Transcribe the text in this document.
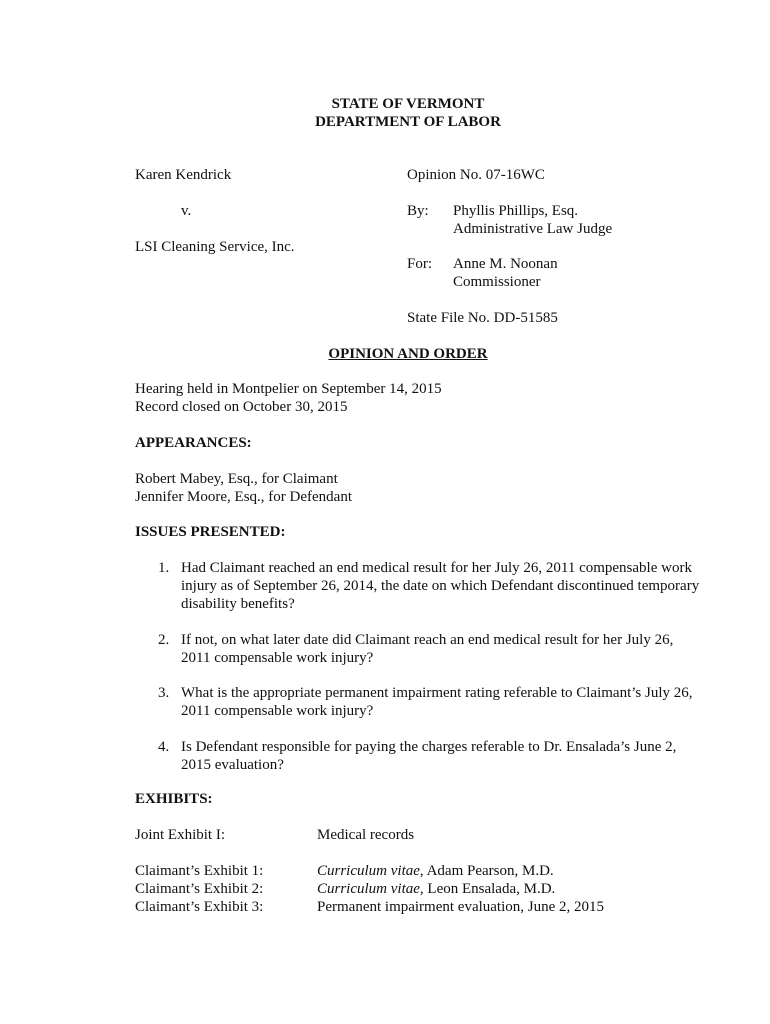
STATE OF VERMONT
DEPARTMENT OF LABOR
Karen Kendrick
v.
LSI Cleaning Service, Inc.
Opinion No. 07-16WC
By: Phyllis Phillips, Esq.
Administrative Law Judge
For: Anne M. Noonan
Commissioner
State File No. DD-51585
OPINION AND ORDER
Hearing held in Montpelier on September 14, 2015
Record closed on October 30, 2015
APPEARANCES:
Robert Mabey, Esq., for Claimant
Jennifer Moore, Esq., for Defendant
ISSUES PRESENTED:
1. Had Claimant reached an end medical result for her July 26, 2011 compensable work injury as of September 26, 2014, the date on which Defendant discontinued temporary disability benefits?
2. If not, on what later date did Claimant reach an end medical result for her July 26, 2011 compensable work injury?
3. What is the appropriate permanent impairment rating referable to Claimant’s July 26, 2011 compensable work injury?
4. Is Defendant responsible for paying the charges referable to Dr. Ensalada’s June 2, 2015 evaluation?
EXHIBITS:
Joint Exhibit I:	Medical records
Claimant’s Exhibit 1:	Curriculum vitae, Adam Pearson, M.D.
Claimant’s Exhibit 2:	Curriculum vitae, Leon Ensalada, M.D.
Claimant’s Exhibit 3:	Permanent impairment evaluation, June 2, 2015
